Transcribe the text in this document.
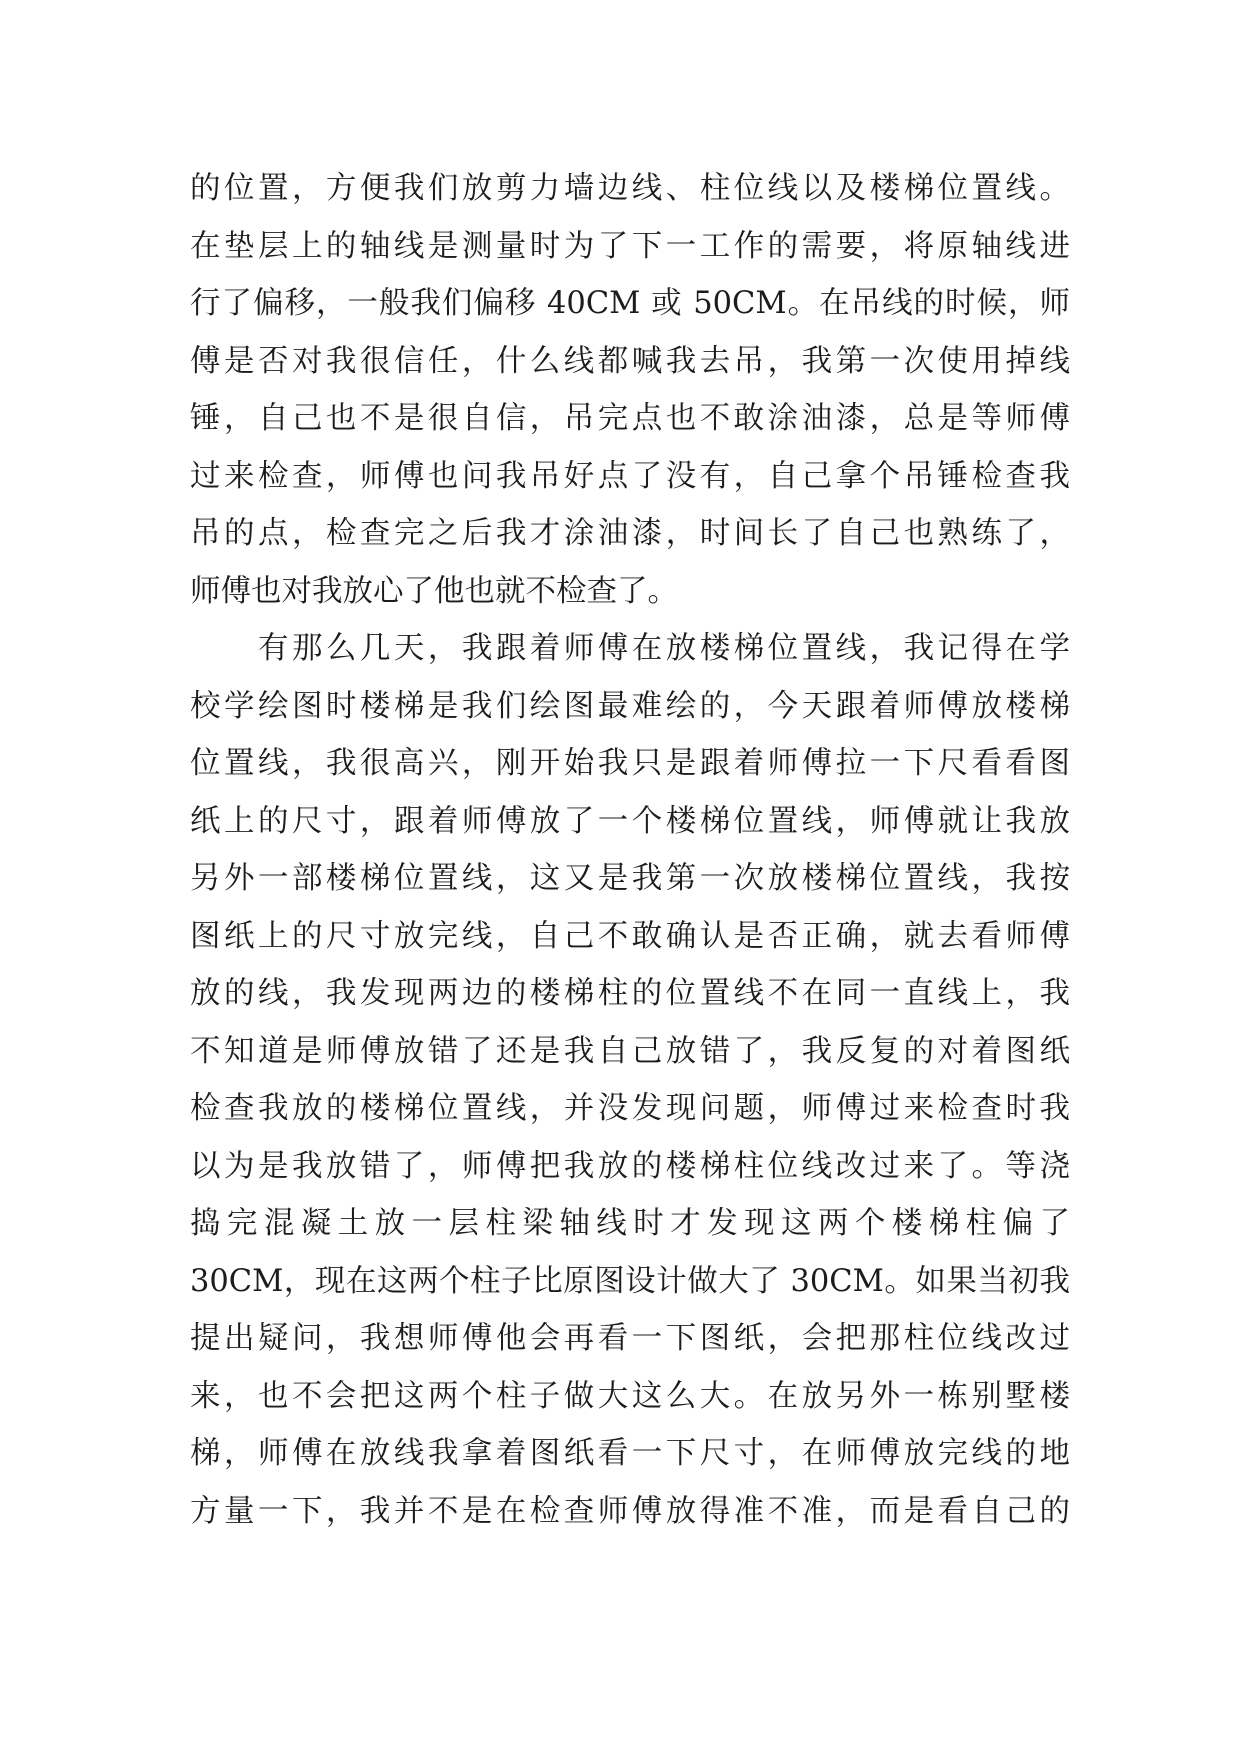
的位置，方便我们放剪力墙边线、柱位线以及楼梯位置线。
在垫层上的轴线是测量时为了下一工作的需要，将原轴线进
行了偏移，一般我们偏移 40CM 或 50CM。在吊线的时候，师
傅是否对我很信任，什么线都喊我去吊，我第一次使用掉线
锤，自己也不是很自信，吊完点也不敢涂油漆，总是等师傅
过来检查，师傅也问我吊好点了没有，自己拿个吊锤检查我
吊的点，检查完之后我才涂油漆，时间长了自己也熟练了，
师傅也对我放心了他也就不检查了。
　　有那么几天，我跟着师傅在放楼梯位置线，我记得在学
校学绘图时楼梯是我们绘图最难绘的，今天跟着师傅放楼梯
位置线，我很高兴，刚开始我只是跟着师傅拉一下尺看看图
纸上的尺寸，跟着师傅放了一个楼梯位置线，师傅就让我放
另外一部楼梯位置线，这又是我第一次放楼梯位置线，我按
图纸上的尺寸放完线，自己不敢确认是否正确，就去看师傅
放的线，我发现两边的楼梯柱的位置线不在同一直线上，我
不知道是师傅放错了还是我自己放错了，我反复的对着图纸
检查我放的楼梯位置线，并没发现问题，师傅过来检查时我
以为是我放错了，师傅把我放的楼梯柱位线改过来了。等浇
捣完混凝土放一层柱梁轴线时才发现这两个楼梯柱偏了
30CM，现在这两个柱子比原图设计做大了 30CM。如果当初我
提出疑问，我想师傅他会再看一下图纸，会把那柱位线改过
来，也不会把这两个柱子做大这么大。在放另外一栋别墅楼
梯，师傅在放线我拿着图纸看一下尺寸，在师傅放完线的地
方量一下，我并不是在检查师傅放得准不准，而是看自己的
